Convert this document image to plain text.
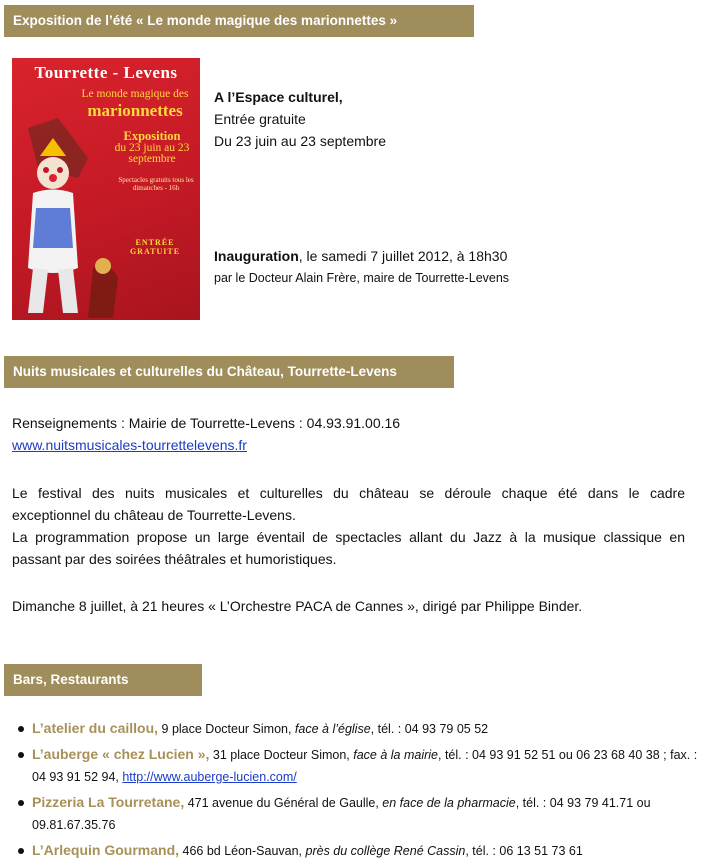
Exposition de l’été « Le monde magique des marionnettes »
Tourrette - Levens
Le monde magique des
marionnettes
Exposition
du 23 juin au 23 septembre
Spectacles gratuits tous les dimanches - 16h
ENTRÉE GRATUITE
A l’Espace culturel,
Entrée gratuite
Du 23 juin au 23 septembre
Inauguration, le samedi 7 juillet 2012, à 18h30
par le Docteur Alain Frère, maire de Tourrette-Levens
Nuits musicales et culturelles du Château, Tourrette-Levens
Renseignements : Mairie de Tourrette-Levens : 04.93.91.00.16
www.nuitsmusicales-tourrettelevens.fr
Le festival des nuits musicales et culturelles du château se déroule chaque été dans le cadre
exceptionnel du château de Tourrette-Levens.
La programmation propose un large éventail de spectacles allant du Jazz à la musique classique en
passant par des soirées théâtrales et humoristiques.
Dimanche 8 juillet, à 21 heures « L’Orchestre PACA de Cannes », dirigé par Philippe Binder.
Bars, Restaurants
L’atelier du caillou, 9 place Docteur Simon, face à l’église, tél. : 04 93 79 05 52
L’auberge « chez Lucien », 31 place Docteur Simon, face à la mairie, tél. : 04 93 91 52 51 ou 06 23 68 40 38 ; fax. : 04 93 91 52 94, http://www.auberge-lucien.com/
Pizzeria La Tourretane, 471 avenue du Général de Gaulle, en face de la pharmacie, tél. : 04 93 79 41.71 ou 09.81.67.35.76
L’Arlequin Gourmand, 466 bd Léon-Sauvan, près du collège René Cassin, tél. : 06 13 51 73 61
